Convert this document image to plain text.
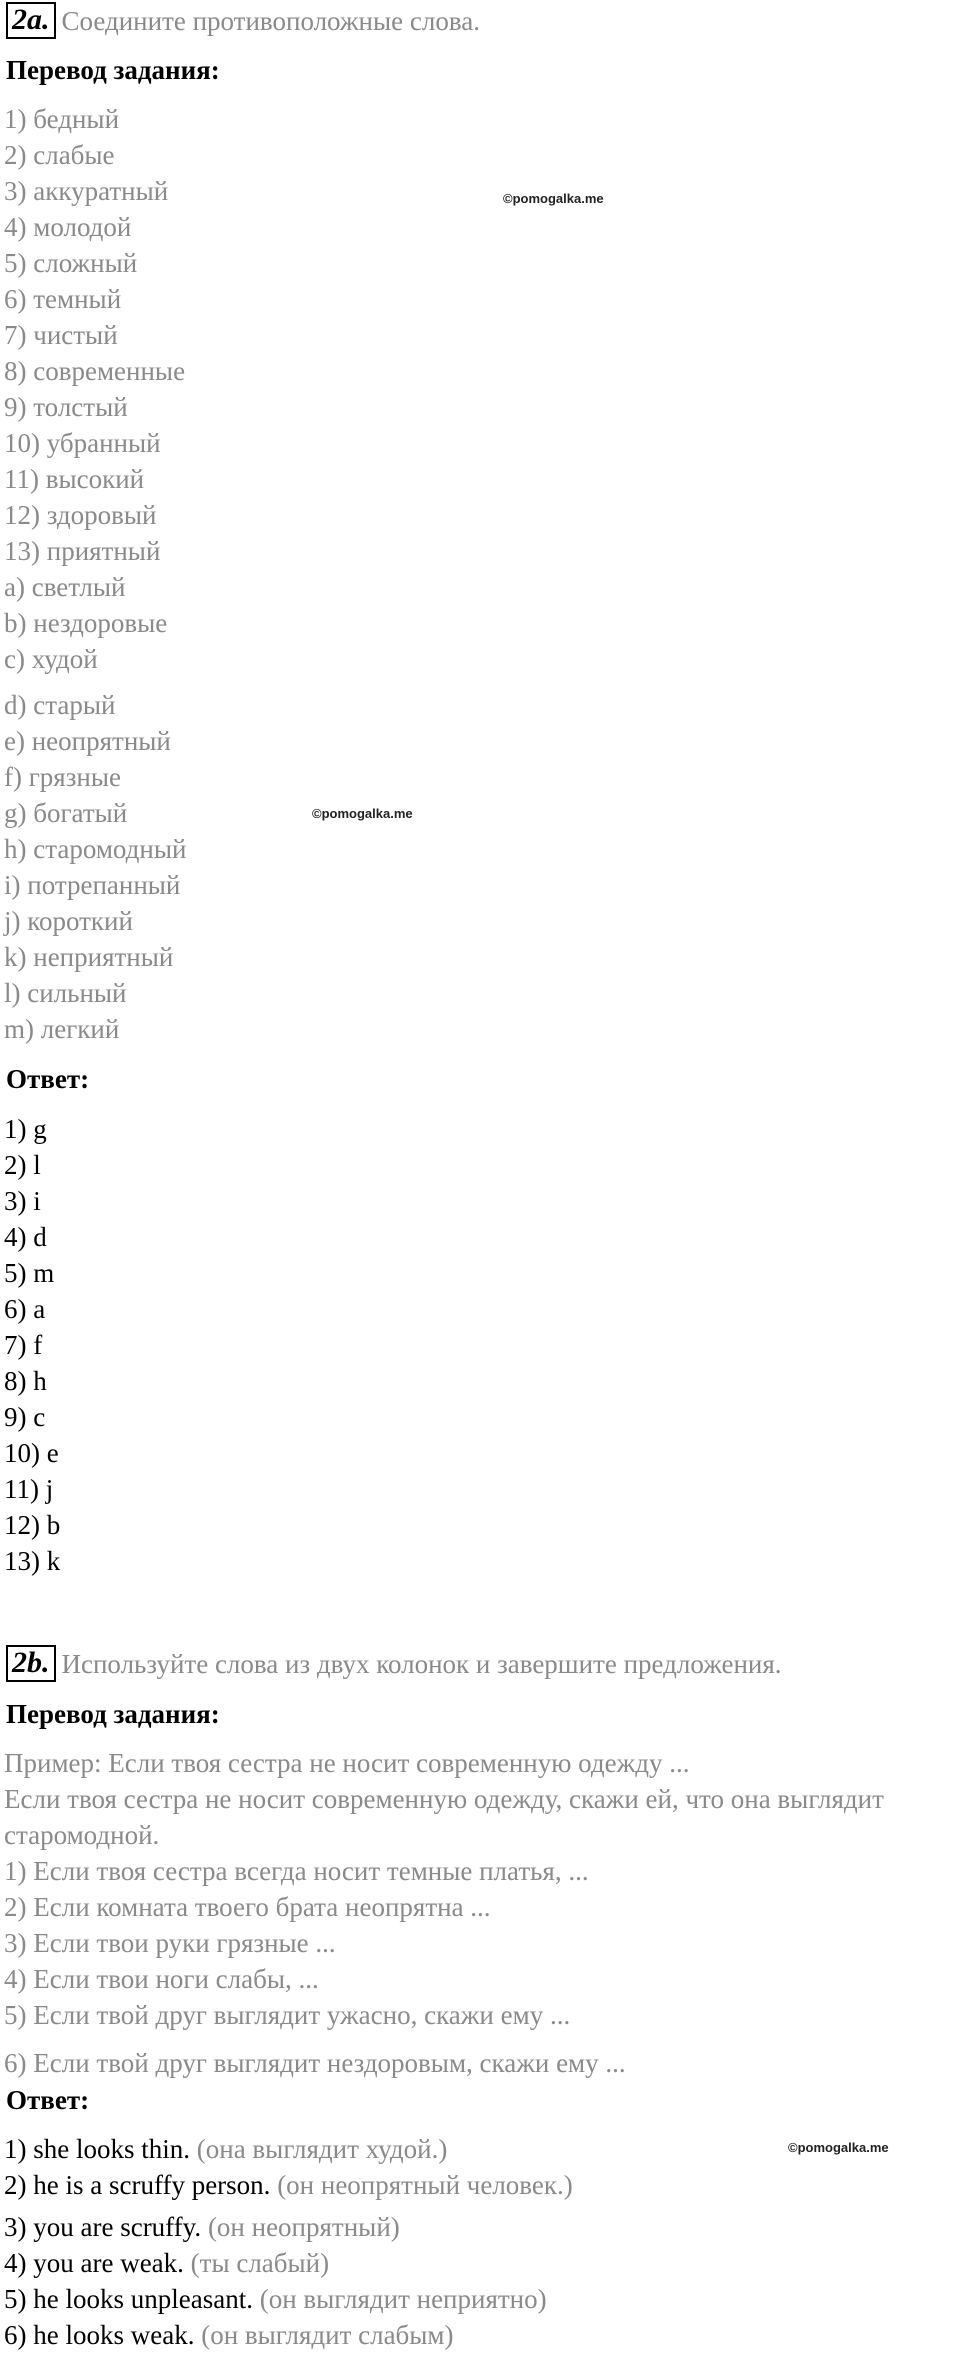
2a. Соедините противоположные слова.
Перевод задания:
1) бедный
2) слабые
3) аккуратный
4) молодой
5) сложный
6) темный
7) чистый
8) современные
9) толстый
10) убранный
11) высокий
12) здоровый
13) приятный
a) светлый
b) нездоровые
c) худой
d) старый
e) неопрятный
f) грязные
g) богатый
h) старомодный
i) потрепанный
j) короткий
k) неприятный
l) сильный
m) легкий
Ответ:
1) g
2) l
3) i
4) d
5) m
6) a
7) f
8) h
9) c
10) e
11) j
12) b
13) k
2b. Используйте слова из двух колонок и завершите предложения.
Перевод задания:
Пример: Если твоя сестра не носит современную одежду ...
Если твоя сестра не носит современную одежду, скажи ей, что она выглядит
старомодной.
1) Если твоя сестра всегда носит темные платья, ...
2) Если комната твоего брата неопрятна ...
3) Если твои руки грязные ...
4) Если твои ноги слабы, ...
5) Если твой друг выглядит ужасно, скажи ему ...
6) Если твой друг выглядит нездоровым, скажи ему ...
Ответ:
1) she looks thin. (она выглядит худой.)
2) he is a scruffy person. (он неопрятный человек.)
3) you are scruffy. (он неопрятный)
4) you are weak. (ты слабый)
5) he looks unpleasant. (он выглядит неприятно)
6) he looks weak. (он выглядит слабым)
©pomogalka.me
©pomogalka.me
©pomogalka.me
